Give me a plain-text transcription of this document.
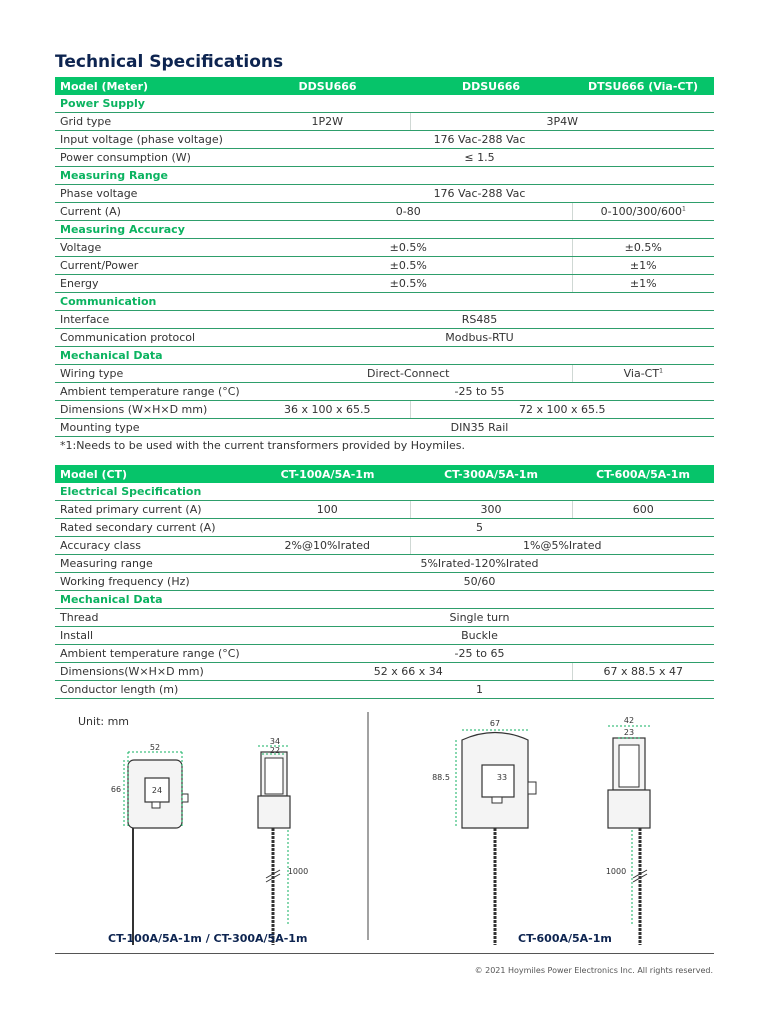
Technical Specifications
Model (Meter)	DDSU666	DDSU666	DTSU666 (Via-CT)
Power Supply			
Grid type	1P2W	3P4W	
Input voltage (phase voltage)	176 Vac-288 Vac		
Power consumption (W)	≤ 1.5		
Measuring Range			
Phase voltage	176 Vac-288 Vac		
Current (A)	0-80		$0-100/300/600^1$
Measuring Accuracy			
Voltage	±0.5%		±0.5%
Current/Power	±0.5%		±1%
Energy	±0.5%		±1%
Communication			
Interface	RS485		
Communication protocol	Modbus-RTU		
Mechanical Data			
Wiring type	Direct-Connect		Via-$CT^1$
Ambient temperature range (°C)	-25 to 55		
Dimensions (W×H×D mm)	36 x 100 x 65.5	72 x 100 x 65.5	
Mounting type	DIN35 Rail		
*1:Needs to be used with the current transformers provided by Hoymiles.
Model (CT)	CT-100A/5A-1m	CT-300A/5A-1m	CT-600A/5A-1m
Electrical Specification			
Rated primary current (A)	100	300	600
Rated secondary current (A)	5		
Accuracy class	2%@10%Irated	1%@5%Irated	
Measuring range	5%Irated-120%Irated		
Working frequency (Hz)	50/60		
Mechanical Data			
Thread	Single turn		
Install	Buckle		
Ambient temperature range (°C)	-25 to 65		
Dimensions(W×H×D mm)	52 x 66 x 34		67 x 88.5 x 47
Conductor length (m)	1		
Unit: mm
52
66	24
34
22
1000
67
88.5	33
42
23
1000
CT-100A/5A-1m / CT-300A/5A-1m	CT-600A/5A-1m
© 2021 Hoymiles Power Electronics Inc. All rights reserved.
